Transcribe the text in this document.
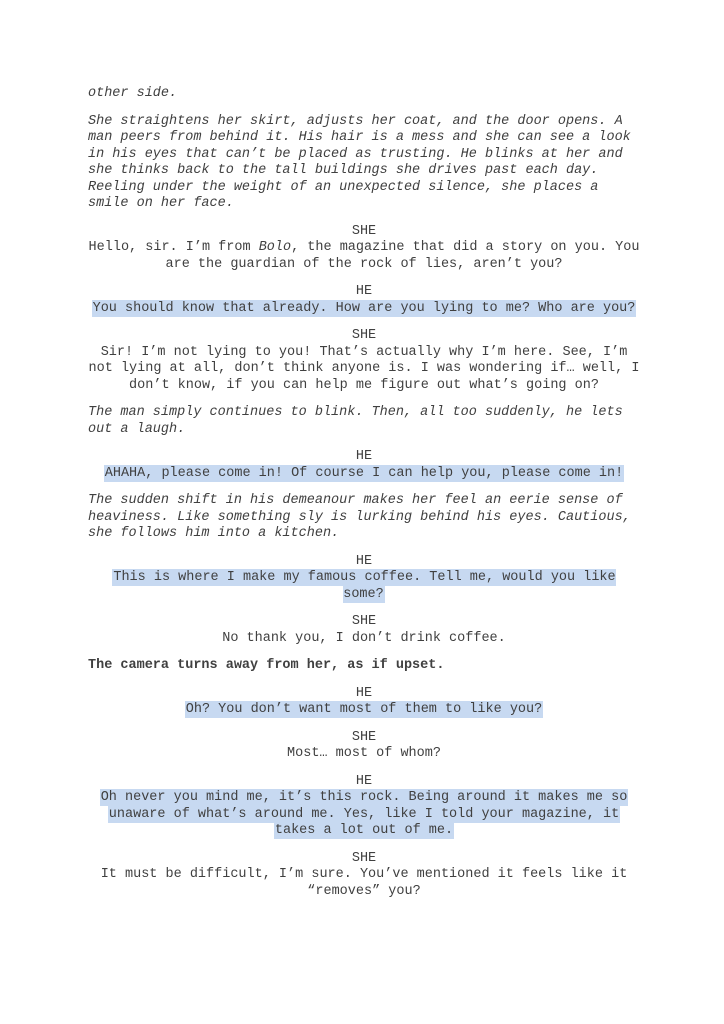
other side.
She straightens her skirt, adjusts her coat, and the door opens. A
man peers from behind it. His hair is a mess and she can see a look
in his eyes that can’t be placed as trusting. He blinks at her and
she thinks back to the tall buildings she drives past each day.
Reeling under the weight of an unexpected silence, she places a
smile on her face.
SHE
Hello, sir. I’m from Bolo, the magazine that did a story on you. You
are the guardian of the rock of lies, aren’t you?
HE
You should know that already. How are you lying to me? Who are you?
SHE
Sir! I’m not lying to you! That’s actually why I’m here. See, I’m
not lying at all, don’t think anyone is. I was wondering if… well, I
don’t know, if you can help me figure out what’s going on?
The man simply continues to blink. Then, all too suddenly, he lets
out a laugh.
HE
AHAHA, please come in! Of course I can help you, please come in!
The sudden shift in his demeanour makes her feel an eerie sense of
heaviness. Like something sly is lurking behind his eyes. Cautious,
she follows him into a kitchen.
HE
This is where I make my famous coffee. Tell me, would you like some?
SHE
No thank you, I don’t drink coffee.
The camera turns away from her, as if upset.
HE
Oh? You don’t want most of them to like you?
SHE
Most… most of whom?
HE
Oh never you mind me, it’s this rock. Being around it makes me so
unaware of what’s around me. Yes, like I told your magazine, it
takes a lot out of me.
SHE
It must be difficult, I’m sure. You’ve mentioned it feels like it
“removes” you?
